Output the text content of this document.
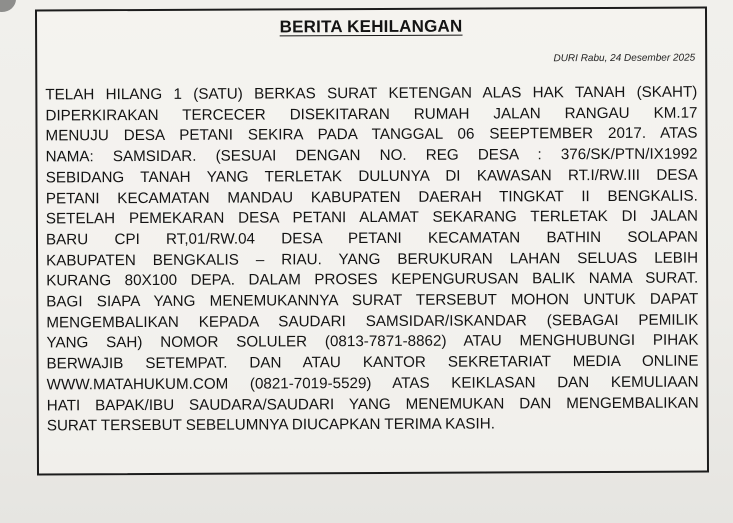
BERITA KEHILANGAN
DURI Rabu, 24 Desember 2025
TELAH HILANG 1 (SATU) BERKAS SURAT KETENGAN ALAS HAK TANAH (SKAHT)
DIPERKIRAKAN TERCECER DISEKITARAN RUMAH JALAN RANGAU KM.17
MENUJU DESA PETANI SEKIRA PADA TANGGAL 06 SEEPTEMBER 2017. ATAS
NAMA: SAMSIDAR. (SESUAI DENGAN NO. REG DESA : 376/SK/PTN/IX1992
SEBIDANG TANAH YANG TERLETAK DULUNYA DI KAWASAN RT.I/RW.III DESA
PETANI KECAMATAN MANDAU KABUPATEN DAERAH TINGKAT II BENGKALIS.
SETELAH PEMEKARAN DESA PETANI ALAMAT SEKARANG TERLETAK DI JALAN
BARU CPI RT,01/RW.04 DESA PETANI KECAMATAN BATHIN SOLAPAN
KABUPATEN BENGKALIS – RIAU. YANG BERUKURAN LAHAN SELUAS LEBIH
KURANG 80X100 DEPA. DALAM PROSES KEPENGURUSAN BALIK NAMA SURAT.
BAGI SIAPA YANG MENEMUKANNYA SURAT TERSEBUT MOHON UNTUK DAPAT
MENGEMBALIKAN KEPADA SAUDARI SAMSIDAR/ISKANDAR (SEBAGAI PEMILIK
YANG SAH) NOMOR SOLULER (0813-7871-8862) ATAU MENGHUBUNGI PIHAK
BERWAJIB SETEMPAT. DAN ATAU KANTOR SEKRETARIAT MEDIA ONLINE
WWW.MATAHUKUM.COM (0821-7019-5529) ATAS KEIKLASAN DAN KEMULIAAN
HATI BAPAK/IBU SAUDARA/SAUDARI YANG MENEMUKAN DAN MENGEMBALIKAN
SURAT TERSEBUT SEBELUMNYA DIUCAPKAN TERIMA KASIH.
